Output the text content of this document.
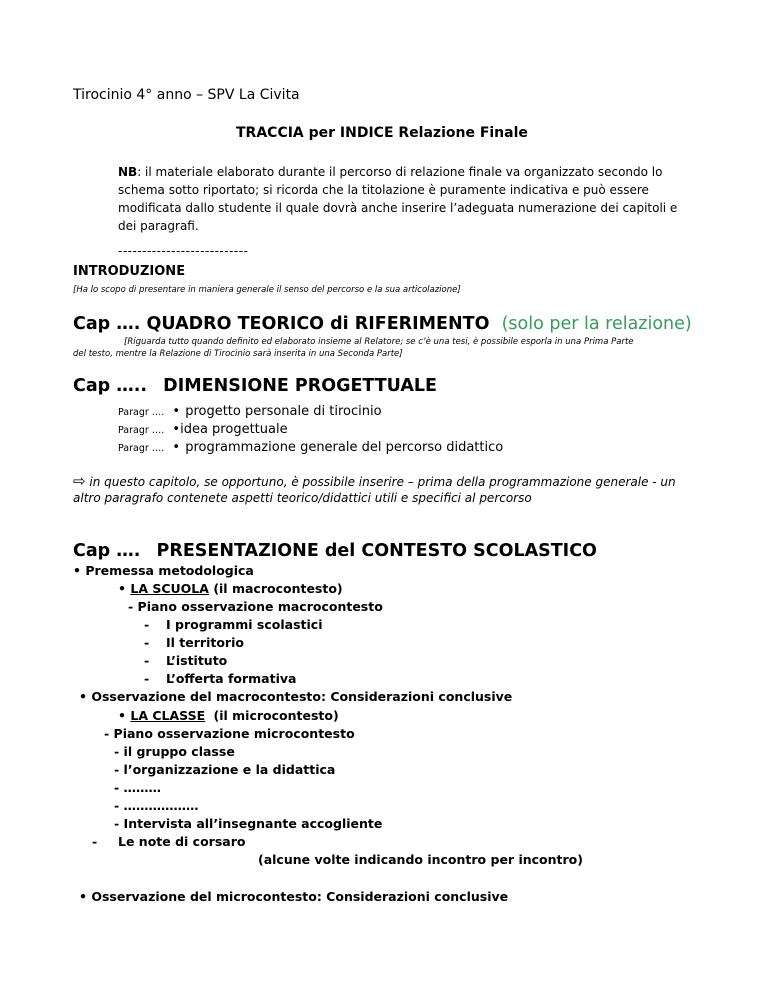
Tirocinio 4° anno – SPV La Civita
TRACCIA per INDICE Relazione Finale
NB: il materiale elaborato durante il percorso di relazione finale va organizzato secondo lo schema sotto riportato; si ricorda che la titolazione è puramente indicativa e può essere modificata dallo studente il quale dovrà anche inserire l’adeguata numerazione dei capitoli e dei paragrafi.
---------------------------
INTRODUZIONE
[Ha lo scopo di presentare in maniera generale il senso del percorso e la sua articolazione]
Cap …. QUADRO TEORICO di RIFERIMENTO (solo per la relazione)
[Riguarda tutto quando definito ed elaborato insieme al Relatore; se c’è una tesi, è possibile esporla in una Prima Parte
del testo, mentre la Relazione di Tirocinio sarà inserita in una Seconda Parte]
Cap ….. DIMENSIONE PROGETTUALE
Paragr …. • progetto personale di tirocinio
Paragr …. •idea progettuale
Paragr …. • programmazione generale del percorso didattico
⇨ in questo capitolo, se opportuno, è possibile inserire – prima della programmazione generale - un
altro paragrafo contenete aspetti teorico/didattici utili e specifici al percorso
Cap …. PRESENTAZIONE del CONTESTO SCOLASTICO
• Premessa metodologica
• LA SCUOLA (il macrocontesto)
- Piano osservazione macrocontesto
- I programmi scolastici
- Il territorio
- L’istituto
- L’offerta formativa
• Osservazione del macrocontesto: Considerazioni conclusive
• LA CLASSE (il microcontesto)
- Piano osservazione microcontesto
- il gruppo classe
- l’organizzazione e la didattica
- ………
- ………………
- Intervista all’insegnante accogliente
- Le note di corsaro
(alcune volte indicando incontro per incontro)
• Osservazione del microcontesto: Considerazioni conclusive
